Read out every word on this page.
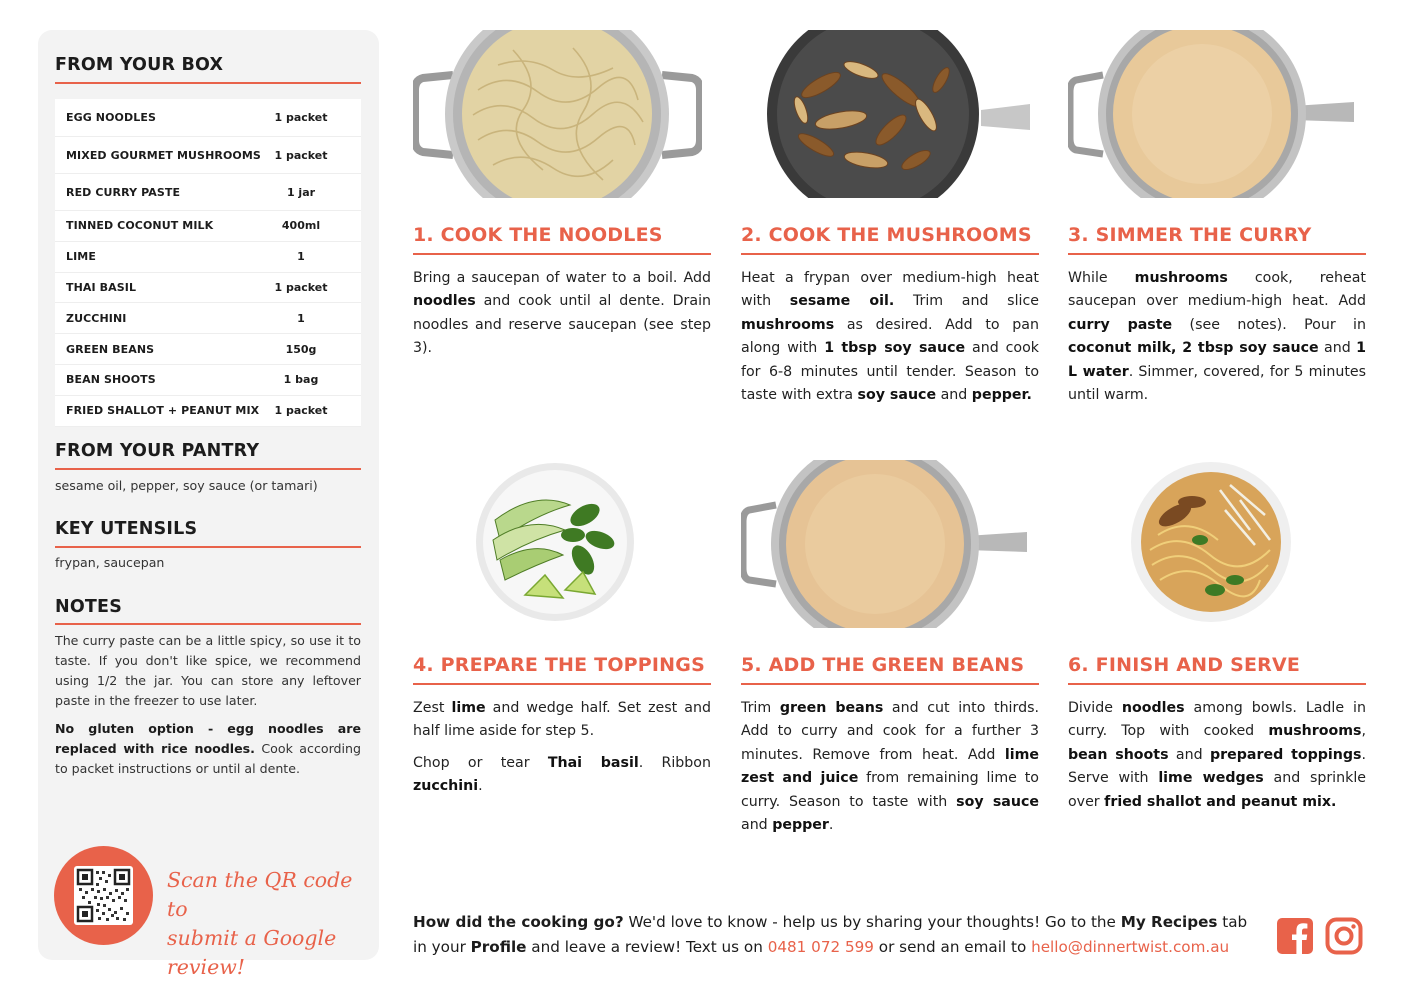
FROM YOUR BOX
EGG NOODLES	1 packet
MIXED GOURMET MUSHROOMS	1 packet
RED CURRY PASTE	1 jar
TINNED COCONUT MILK	400ml
LIME	1
THAI BASIL	1 packet
ZUCCHINI	1
GREEN BEANS	150g
BEAN SHOOTS	1 bag
FRIED SHALLOT + PEANUT MIX	1 packet
FROM YOUR PANTRY
sesame oil, pepper, soy sauce (or tamari)
KEY UTENSILS
frypan, saucepan
NOTES
The curry paste can be a little spicy, so use it to taste. If you don't like spice, we recommend using 1/2 the jar. You can store any leftover paste in the freezer to use later.
No gluten option - egg noodles are replaced with rice noodles. Cook according to packet instructions or until al dente.
Scan the QR code to
submit a Google review!
1. COOK THE NOODLES

Bring a saucepan of water to a boil. Add noodles and cook until al dente. Drain noodles and reserve saucepan (see step 3).

2. COOK THE MUSHROOMS

Heat a frypan over medium-high heat with sesame oil. Trim and slice mushrooms as desired. Add to pan along with 1 tbsp soy sauce and cook for 6-8 minutes until tender. Season to taste with extra soy sauce and pepper.

3. SIMMER THE CURRY

While mushrooms cook, reheat saucepan over medium-high heat. Add curry paste (see notes). Pour in coconut milk, 2 tbsp soy sauce and 1 L water. Simmer, covered, for 5 minutes until warm.

4. PREPARE THE TOPPINGS

Zest lime and wedge half. Set zest and half lime aside for step 5.

Chop or tear Thai basil. Ribbon zucchini.

5. ADD THE GREEN BEANS

Trim green beans and cut into thirds. Add to curry and cook for a further 3 minutes. Remove from heat. Add lime zest and juice from remaining lime to curry. Season to taste with soy sauce and pepper.

6. FINISH AND SERVE

Divide noodles among bowls. Ladle in curry. Top with cooked mushrooms, bean shoots and prepared toppings. Serve with lime wedges and sprinkle over fried shallot and peanut mix.

How did the cooking go? We'd love to know - help us by sharing your thoughts! Go to the My Recipes tab in your Profile and leave a review! Text us on 0481 072 599 or send an email to hello@dinnertwist.com.au
